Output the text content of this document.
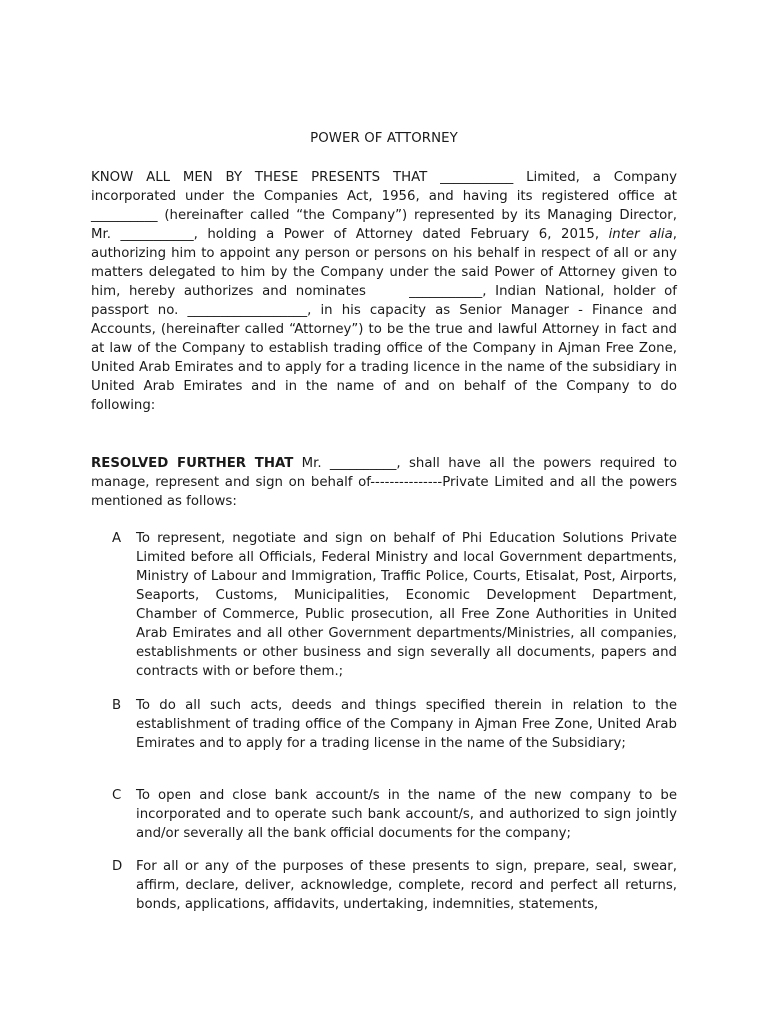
POWER OF ATTORNEY

KNOW ALL MEN BY THESE PRESENTS THAT ___________ Limited, a Company incorporated under the Companies Act, 1956, and having its registered office at __________ (hereinafter called “the Company”) represented by its Managing Director, Mr. ___________, holding a Power of Attorney dated February 6, 2015, inter alia, authorizing him to appoint any person or persons on his behalf in respect of all or any matters delegated to him by the Company under the said Power of Attorney given to him, hereby authorizes and nominates     ___________, Indian National, holder of passport no. __________________, in his capacity as Senior Manager - Finance and Accounts, (hereinafter called “Attorney”) to be the true and lawful Attorney in fact and at law of the Company to establish trading office of the Company in Ajman Free Zone, United Arab Emirates and to apply for a trading licence in the name of the subsidiary in United Arab Emirates and in the name of and on behalf of the Company to do following:

RESOLVED FURTHER THAT Mr. __________, shall have all the powers required to manage, represent and sign on behalf of---------------Private Limited and all the powers mentioned as follows:

A	To represent, negotiate and sign on behalf of Phi Education Solutions Private Limited before all Officials, Federal Ministry and local Government departments, Ministry of Labour and Immigration, Traffic Police, Courts, Etisalat, Post, Airports, Seaports, Customs, Municipalities, Economic Development Department, Chamber of Commerce, Public prosecution, all Free Zone Authorities in United Arab Emirates and all other Government departments/Ministries, all companies, establishments or other business and sign severally all documents, papers and contracts with or before them.;
B	To do all such acts, deeds and things specified therein in relation to the establishment of trading office of the Company in Ajman Free Zone, United Arab Emirates and to apply for a trading license in the name of the Subsidiary;
C	To open and close bank account/s in the name of the new company to be incorporated and to operate such bank account/s, and authorized to sign jointly and/or severally all the bank official documents for the company;
D	For all or any of the purposes of these presents to sign, prepare, seal, swear, affirm, declare, deliver, acknowledge, complete, record and perfect all returns, bonds, applications, affidavits, undertaking, indemnities, statements,
